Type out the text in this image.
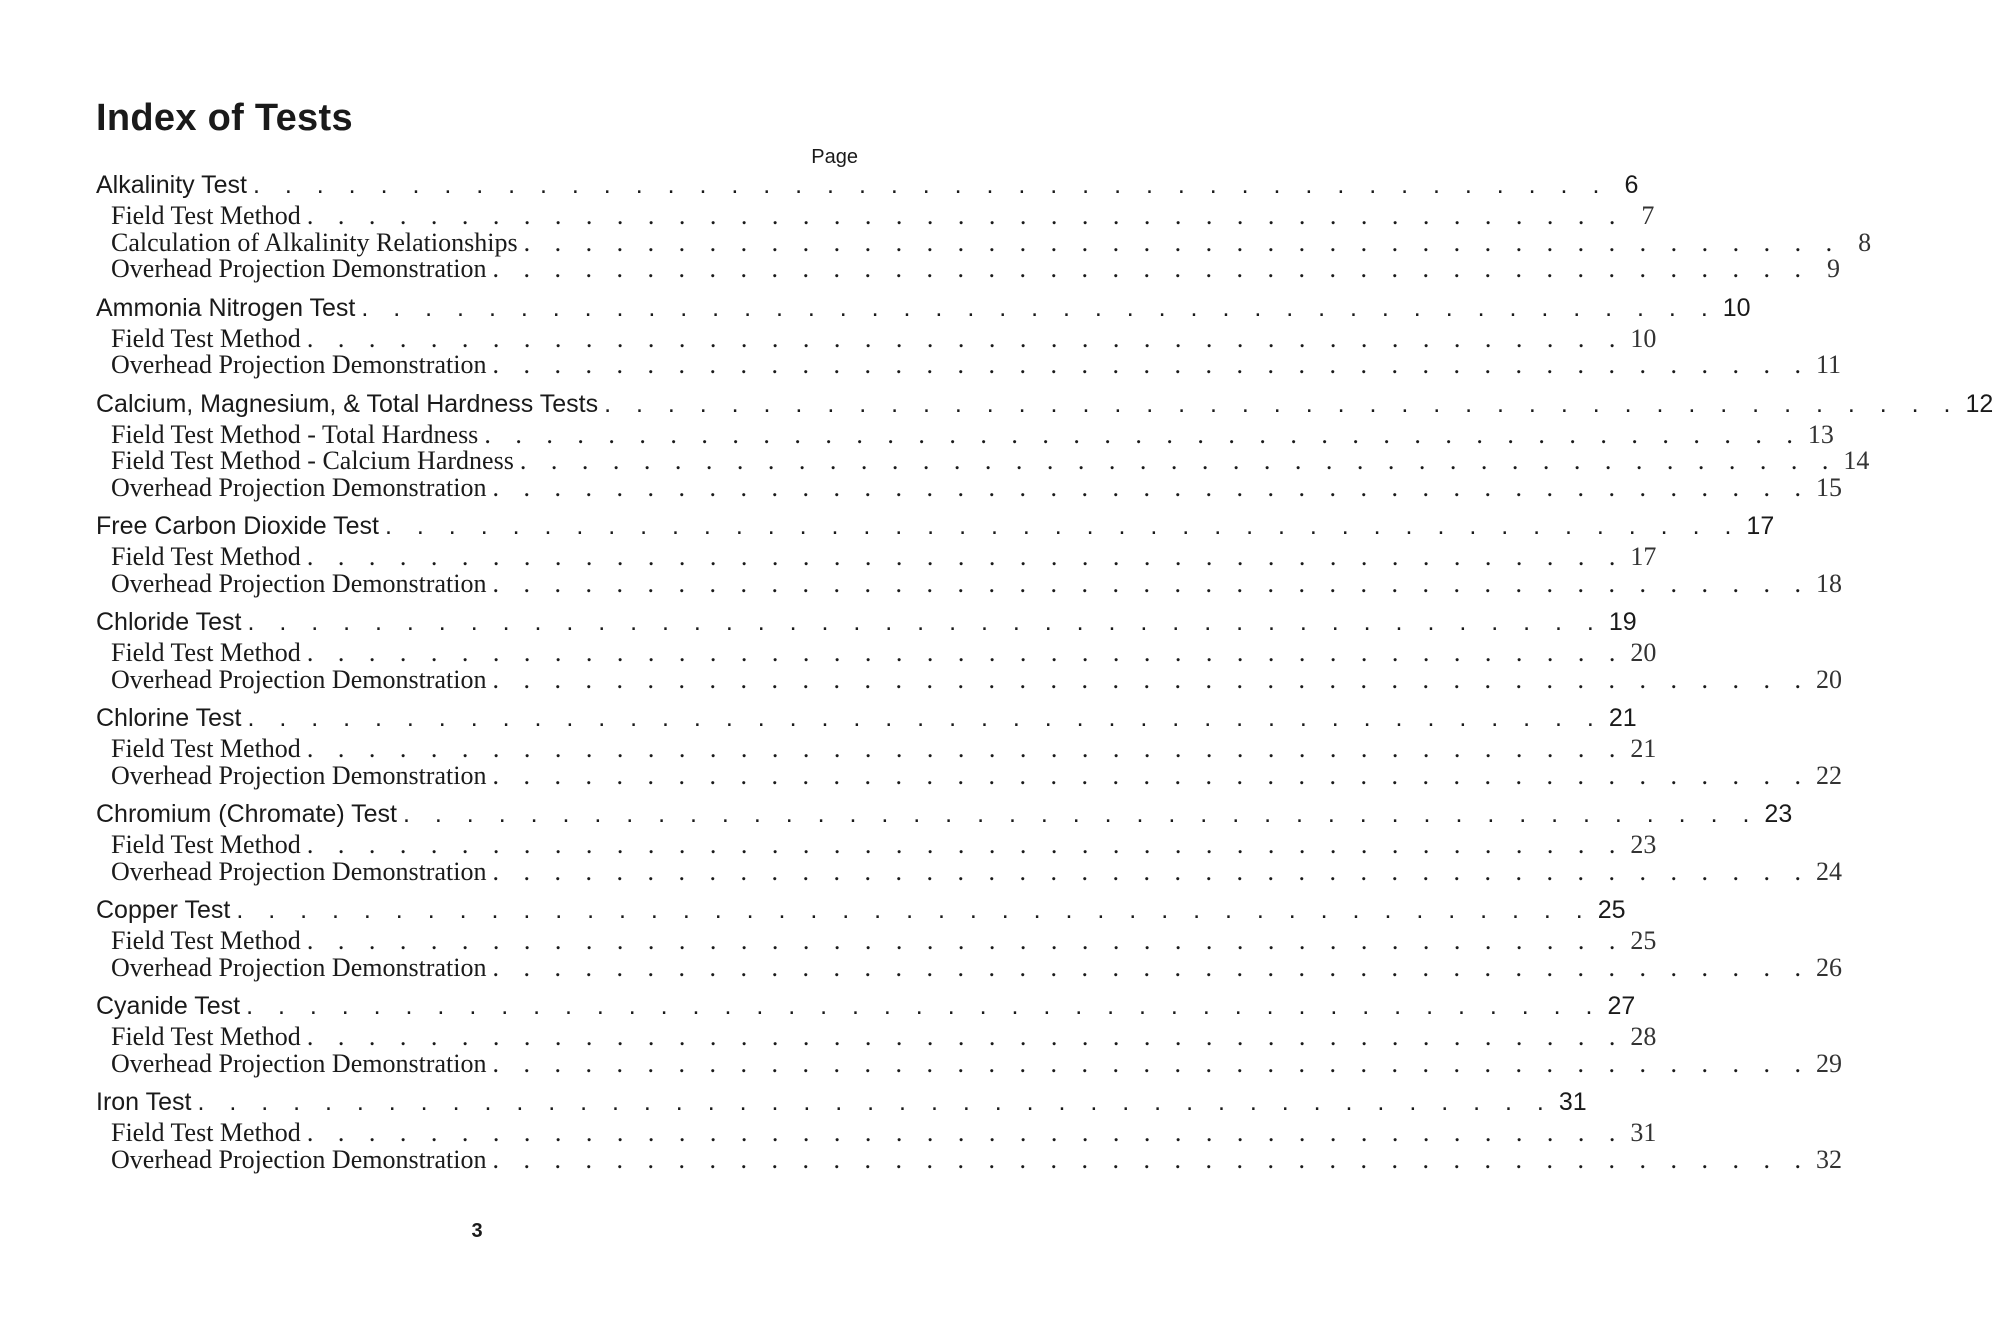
Index of Tests
Page
Alkalinity Test . . . . . . . . . . . . . . . . . . . . . . . . . . . . . . . . . . . . . . . . . . . 6
Field Test Method . . . . . . . . . . . . . . . . . . . . . . . . . . . . . . . . . . . . . . . . . . . 7
Calculation of Alkalinity Relationships . . . . . . . . . . . . . . . . . . . . . . . . . . . . . . . . . . . . . . . . . . . 8
Overhead Projection Demonstration . . . . . . . . . . . . . . . . . . . . . . . . . . . . . . . . . . . . . . . . . . . 9
Ammonia Nitrogen Test . . . . . . . . . . . . . . . . . . . . . . . . . . . . . . . . . . . . . . . . . . . 10
Field Test Method . . . . . . . . . . . . . . . . . . . . . . . . . . . . . . . . . . . . . . . . . . . 10
Overhead Projection Demonstration . . . . . . . . . . . . . . . . . . . . . . . . . . . . . . . . . . . . . . . . . . . 11
Calcium, Magnesium, & Total Hardness Tests . . . . . . . . . . . . . . . . . . . . . . . . . . . . . . . . . . . . . . . . . . . 12
Field Test Method - Total Hardness . . . . . . . . . . . . . . . . . . . . . . . . . . . . . . . . . . . . . . . . . . . 13
Field Test Method - Calcium Hardness . . . . . . . . . . . . . . . . . . . . . . . . . . . . . . . . . . . . . . . . . . . 14
Overhead Projection Demonstration . . . . . . . . . . . . . . . . . . . . . . . . . . . . . . . . . . . . . . . . . . . 15
Free Carbon Dioxide Test . . . . . . . . . . . . . . . . . . . . . . . . . . . . . . . . . . . . . . . . . . . 17
Field Test Method . . . . . . . . . . . . . . . . . . . . . . . . . . . . . . . . . . . . . . . . . . . 17
Overhead Projection Demonstration . . . . . . . . . . . . . . . . . . . . . . . . . . . . . . . . . . . . . . . . . . . 18
Chloride Test . . . . . . . . . . . . . . . . . . . . . . . . . . . . . . . . . . . . . . . . . . . 19
Field Test Method . . . . . . . . . . . . . . . . . . . . . . . . . . . . . . . . . . . . . . . . . . . 20
Overhead Projection Demonstration . . . . . . . . . . . . . . . . . . . . . . . . . . . . . . . . . . . . . . . . . . . 20
Chlorine Test . . . . . . . . . . . . . . . . . . . . . . . . . . . . . . . . . . . . . . . . . . . 21
Field Test Method . . . . . . . . . . . . . . . . . . . . . . . . . . . . . . . . . . . . . . . . . . . 21
Overhead Projection Demonstration . . . . . . . . . . . . . . . . . . . . . . . . . . . . . . . . . . . . . . . . . . . 22
Chromium (Chromate) Test . . . . . . . . . . . . . . . . . . . . . . . . . . . . . . . . . . . . . . . . . . . 23
Field Test Method . . . . . . . . . . . . . . . . . . . . . . . . . . . . . . . . . . . . . . . . . . . 23
Overhead Projection Demonstration . . . . . . . . . . . . . . . . . . . . . . . . . . . . . . . . . . . . . . . . . . . 24
Copper Test . . . . . . . . . . . . . . . . . . . . . . . . . . . . . . . . . . . . . . . . . . . 25
Field Test Method . . . . . . . . . . . . . . . . . . . . . . . . . . . . . . . . . . . . . . . . . . . 25
Overhead Projection Demonstration . . . . . . . . . . . . . . . . . . . . . . . . . . . . . . . . . . . . . . . . . . . 26
Cyanide Test . . . . . . . . . . . . . . . . . . . . . . . . . . . . . . . . . . . . . . . . . . . 27
Field Test Method . . . . . . . . . . . . . . . . . . . . . . . . . . . . . . . . . . . . . . . . . . . 28
Overhead Projection Demonstration . . . . . . . . . . . . . . . . . . . . . . . . . . . . . . . . . . . . . . . . . . . 29
Iron Test . . . . . . . . . . . . . . . . . . . . . . . . . . . . . . . . . . . . . . . . . . . 31
Field Test Method . . . . . . . . . . . . . . . . . . . . . . . . . . . . . . . . . . . . . . . . . . . 31
Overhead Projection Demonstration . . . . . . . . . . . . . . . . . . . . . . . . . . . . . . . . . . . . . . . . . . . 32
3
